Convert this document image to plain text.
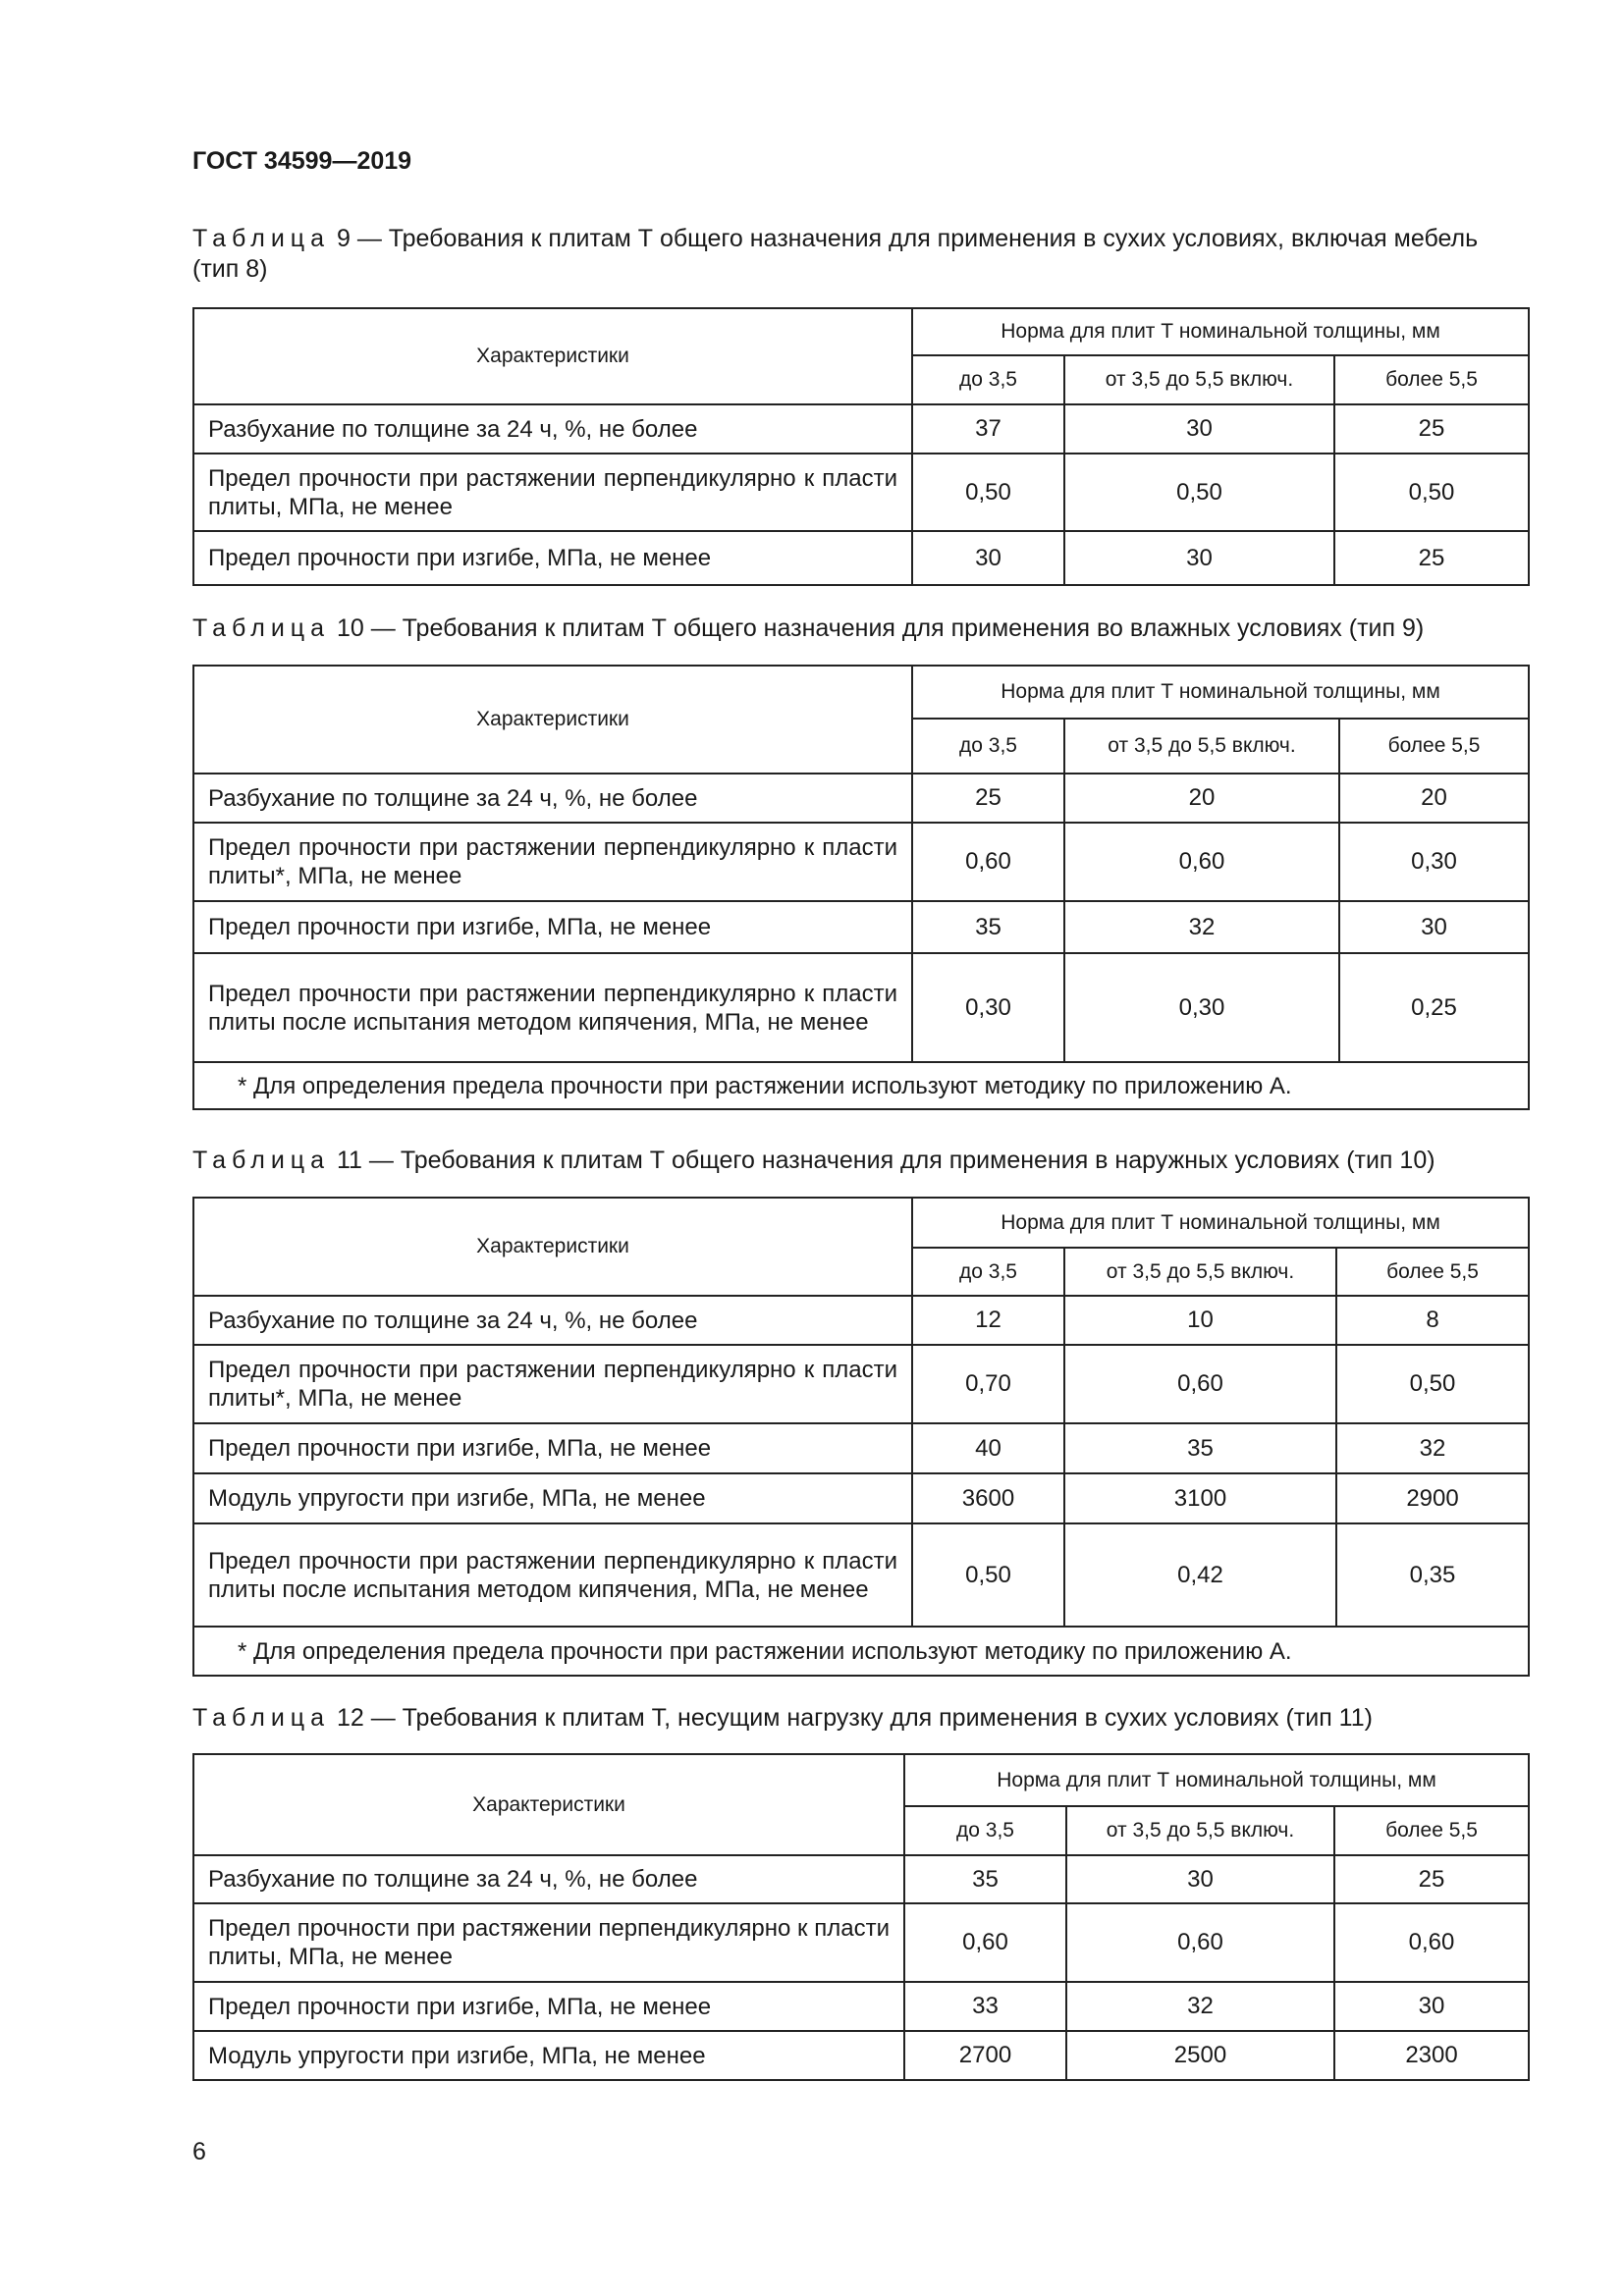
ГОСТ 34599—2019

Таблица 9 — Требования к плитам Т общего назначения для применения в сухих условиях, включая мебель (тип 8)

Характеристики	Норма для плит Т номинальной толщины, мм		
	до 3,5	от 3,5 до 5,5 включ.	более 5,5
Разбухание по толщине за 24 ч, %, не более	37	30	25
Предел прочности при растяжении перпендикулярно к пласти плиты, МПа, не менее	0,50	0,50	0,50
Предел прочности при изгибе, МПа, не менее	30	30	25

Таблица 10 — Требования к плитам Т общего назначения для применения во влажных условиях (тип 9)

Характеристики	Норма для плит Т номинальной толщины, мм		
	до 3,5	от 3,5 до 5,5 включ.	более 5,5
Разбухание по толщине за 24 ч, %, не более	25	20	20
Предел прочности при растяжении перпендикулярно к пласти плиты*, МПа, не менее	0,60	0,60	0,30
Предел прочности при изгибе, МПа, не менее	35	32	30
Предел прочности при растяжении перпендикулярно к пласти плиты после испытания методом кипячения, МПа, не менее	0,30	0,30	0,25
* Для определения предела прочности при растяжении используют методику по приложению А.			

Таблица 11 — Требования к плитам Т общего назначения для применения в наружных условиях (тип 10)

Характеристики	Норма для плит Т номинальной толщины, мм		
	до 3,5	от 3,5 до 5,5 включ.	более 5,5
Разбухание по толщине за 24 ч, %, не более	12	10	8
Предел прочности при растяжении перпендикулярно к пласти плиты*, МПа, не менее	0,70	0,60	0,50
Предел прочности при изгибе, МПа, не менее	40	35	32
Модуль упругости при изгибе, МПа, не менее	3600	3100	2900
Предел прочности при растяжении перпендикулярно к пласти плиты после испытания методом кипячения, МПа, не менее	0,50	0,42	0,35
* Для определения предела прочности при растяжении используют методику по приложению А.			

Таблица 12 — Требования к плитам Т, несущим нагрузку для применения в сухих условиях (тип 11)

Характеристики	Норма для плит Т номинальной толщины, мм		
	до 3,5	от 3,5 до 5,5 включ.	более 5,5
Разбухание по толщине за 24 ч, %, не более	35	30	25
Предел прочности при растяжении перпендикулярно к пласти плиты, МПа, не менее	0,60	0,60	0,60
Предел прочности при изгибе, МПа, не менее	33	32	30
Модуль упругости при изгибе, МПа, не менее	2700	2500	2300
6
